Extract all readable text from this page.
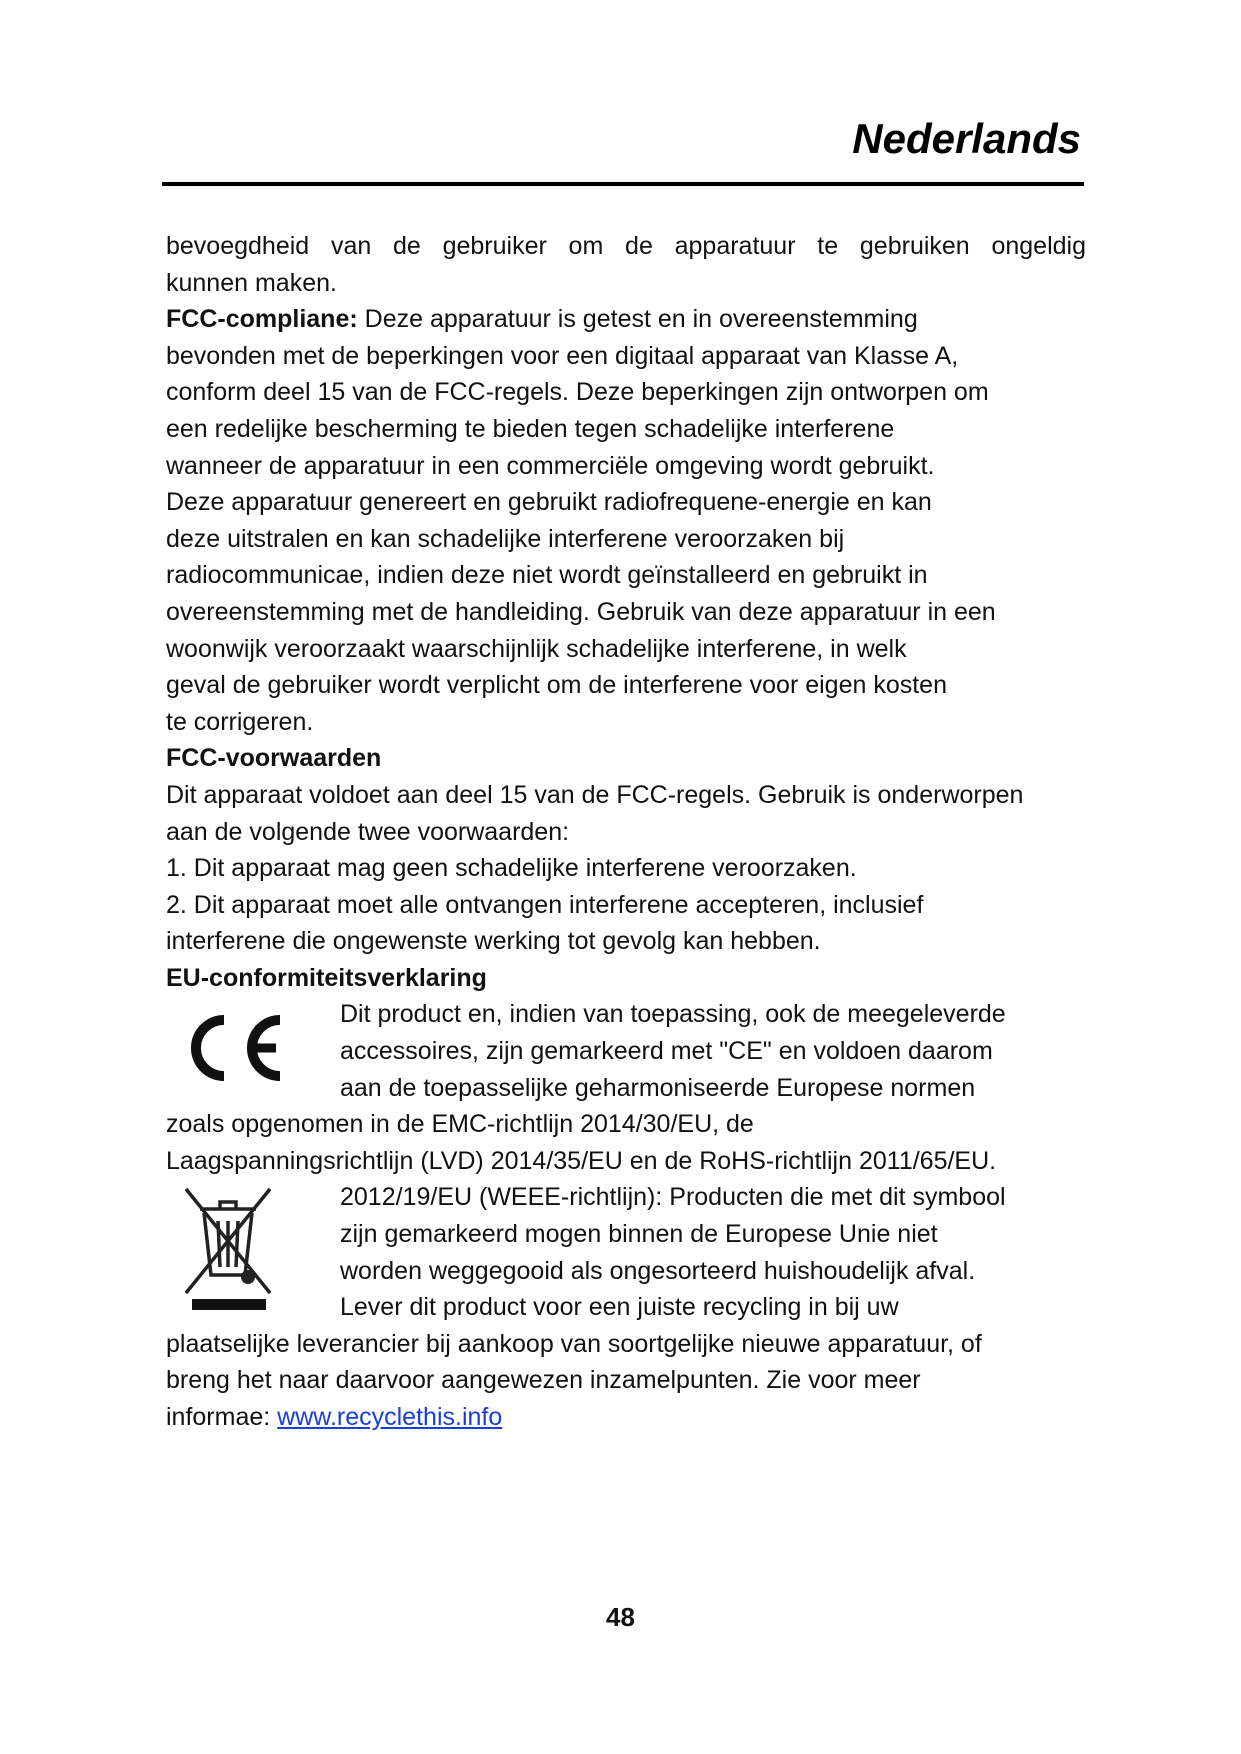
Nederlands
bevoegdheid van de gebruiker om de apparatuur te gebruiken ongeldig
kunnen maken.
FCC-compliane: Deze apparatuur is getest en in overeenstemming
bevonden met de beperkingen voor een digitaal apparaat van Klasse A,
conform deel 15 van de FCC-regels. Deze beperkingen zijn ontworpen om
een redelijke bescherming te bieden tegen schadelijke interferene
wanneer de apparatuur in een commerciële omgeving wordt gebruikt.
Deze apparatuur genereert en gebruikt radiofrequene-energie en kan
deze uitstralen en kan schadelijke interferene veroorzaken bij
radiocommunicae, indien deze niet wordt geïnstalleerd en gebruikt in
overeenstemming met de handleiding. Gebruik van deze apparatuur in een
woonwijk veroorzaakt waarschijnlijk schadelijke interferene, in welk
geval de gebruiker wordt verplicht om de interferene voor eigen kosten
te corrigeren.
FCC-voorwaarden
Dit apparaat voldoet aan deel 15 van de FCC-regels. Gebruik is onderworpen
aan de volgende twee voorwaarden:
1. Dit apparaat mag geen schadelijke interferene veroorzaken.
2. Dit apparaat moet alle ontvangen interferene accepteren, inclusief
interferene die ongewenste werking tot gevolg kan hebben.
EU-conformiteitsverklaring
Dit product en, indien van toepassing, ook de meegeleverde
accessoires, zijn gemarkeerd met "CE" en voldoen daarom
aan de toepasselijke geharmoniseerde Europese normen
zoals opgenomen in de EMC-richtlijn 2014/30/EU, de
Laagspanningsrichtlijn (LVD) 2014/35/EU en de RoHS-richtlijn 2011/65/EU.
2012/19/EU (WEEE-richtlijn): Producten die met dit symbool
zijn gemarkeerd mogen binnen de Europese Unie niet
worden weggegooid als ongesorteerd huishoudelijk afval.
Lever dit product voor een juiste recycling in bij uw
plaatselijke leverancier bij aankoop van soortgelijke nieuwe apparatuur, of
breng het naar daarvoor aangewezen inzamelpunten. Zie voor meer
informae: www.recyclethis.info
48
